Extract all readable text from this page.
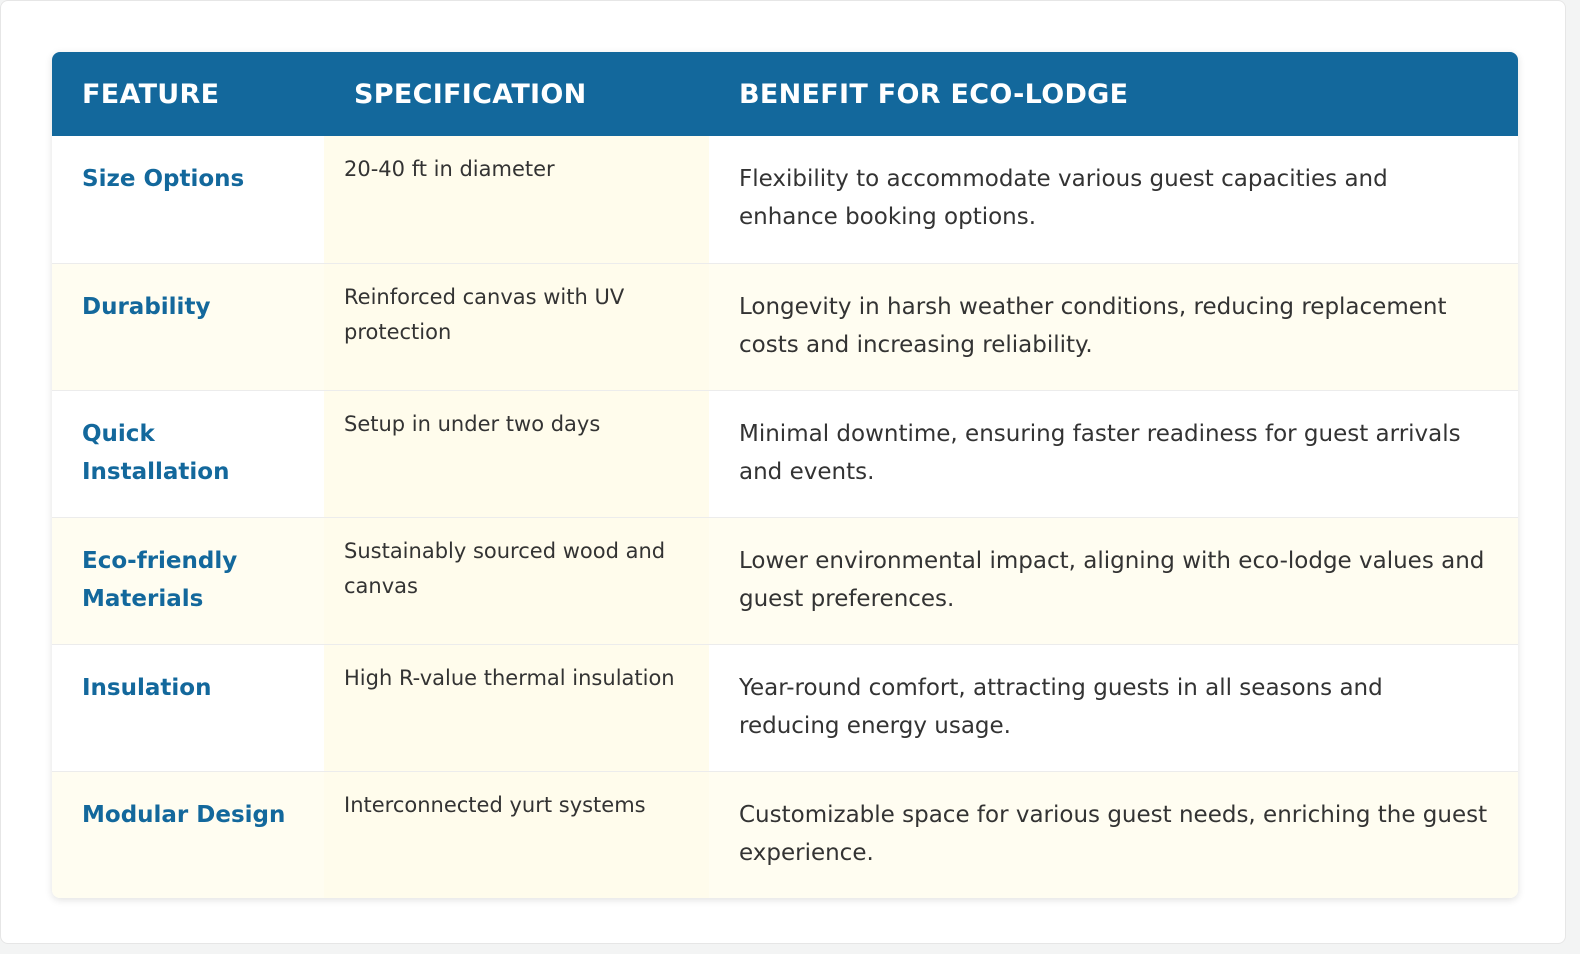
FEATURE	SPECIFICATION	BENEFIT FOR ECO-LODGE
Size Options	20-40 ft in diameter	Flexibility to accommodate various guest capacities and enhance booking options.
Durability	Reinforced canvas with UV protection	Longevity in harsh weather conditions, reducing replacement costs and increasing reliability.
Quick Installation	Setup in under two days	Minimal downtime, ensuring faster readiness for guest arrivals and events.
Eco-friendly Materials	Sustainably sourced wood and canvas	Lower environmental impact, aligning with eco-lodge values and guest preferences.
Insulation	High R-value thermal insulation	Year-round comfort, attracting guests in all seasons and reducing energy usage.
Modular Design	Interconnected yurt systems	Customizable space for various guest needs, enriching the guest experience.
